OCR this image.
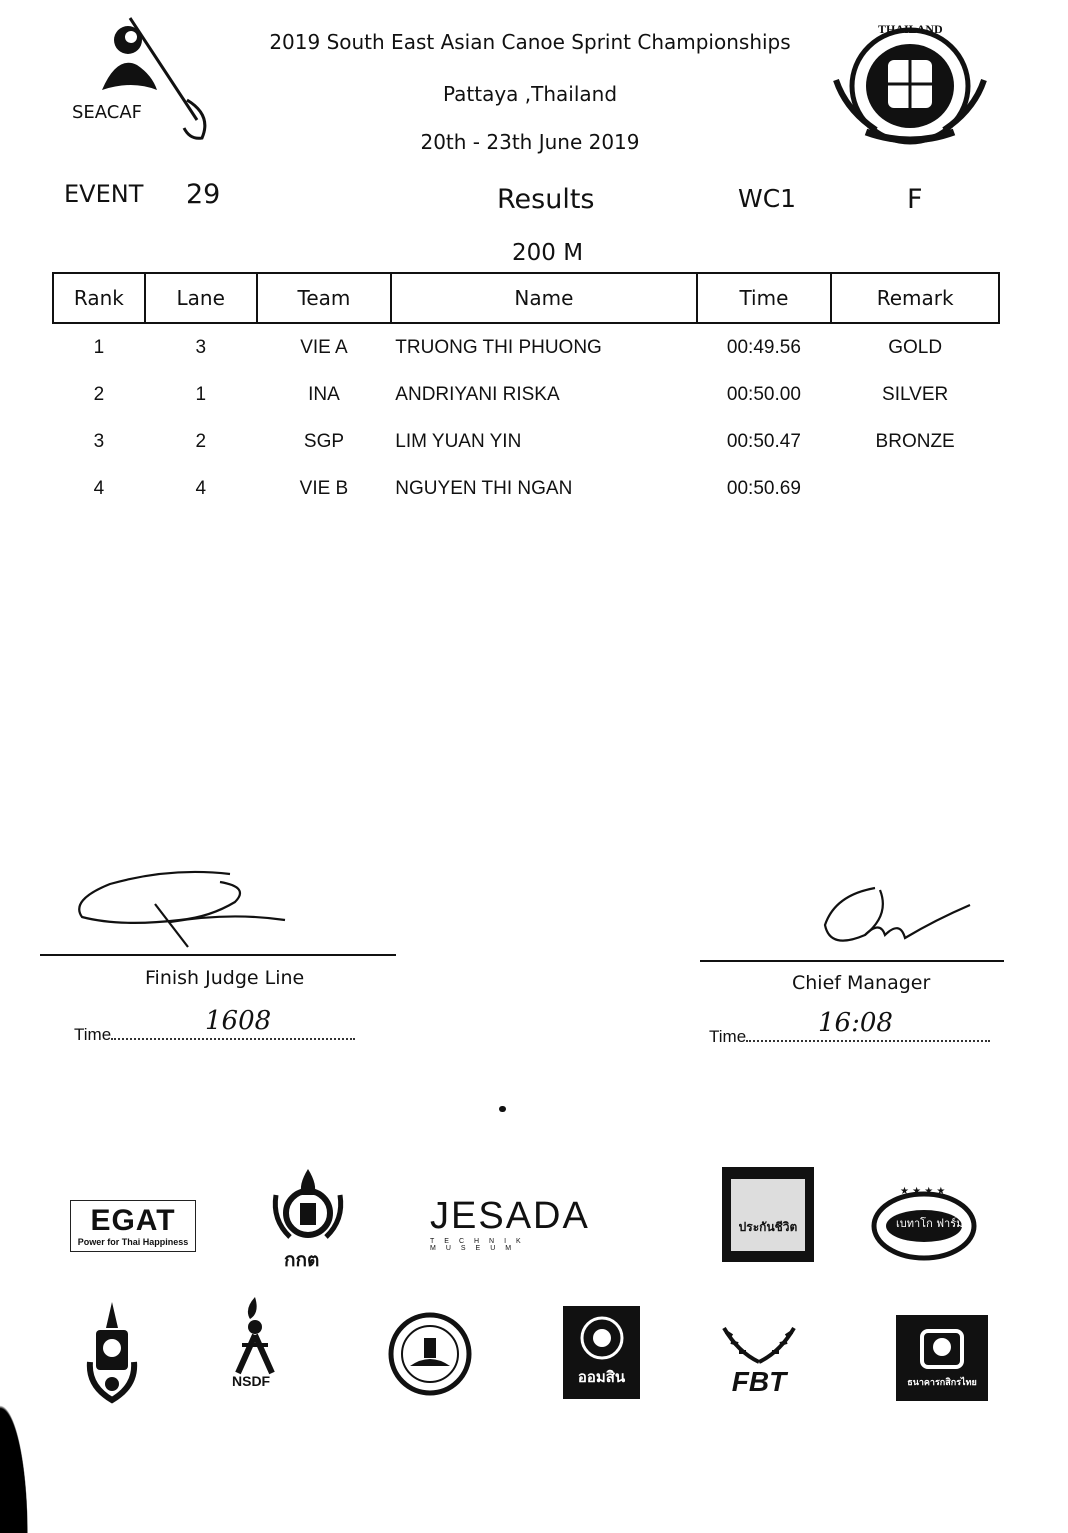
SEACAF
2019 South East Asian Canoe Sprint Championships
Pattaya ,Thailand
20th - 23th June 2019
THAILAND
EVENT 29	Results	WC1	F
200 M
Rank	Lane	Team	Name	Time	Remark
1	3	VIE A	TRUONG THI PHUONG	00:49.56	GOLD
2	1	INA	ANDRIYANI RISKA	00:50.00	SILVER
3	2	SGP	LIM YUAN YIN	00:50.47	BRONZE
4	4	VIE B	NGUYEN THI NGAN	00:50.69	
Finish Judge Line
Time	1608
Chief Manager
Time	16:08
EGAT
Power for Thai Happiness
กกต
JESADA
TECHNIK MUSEUM
ประกันชีวิต
★ ★ ★ ★
เบทาโก ฟาร์ม
NSDF	ออมสิน	FBT	ธนาคารกสิกรไทย
